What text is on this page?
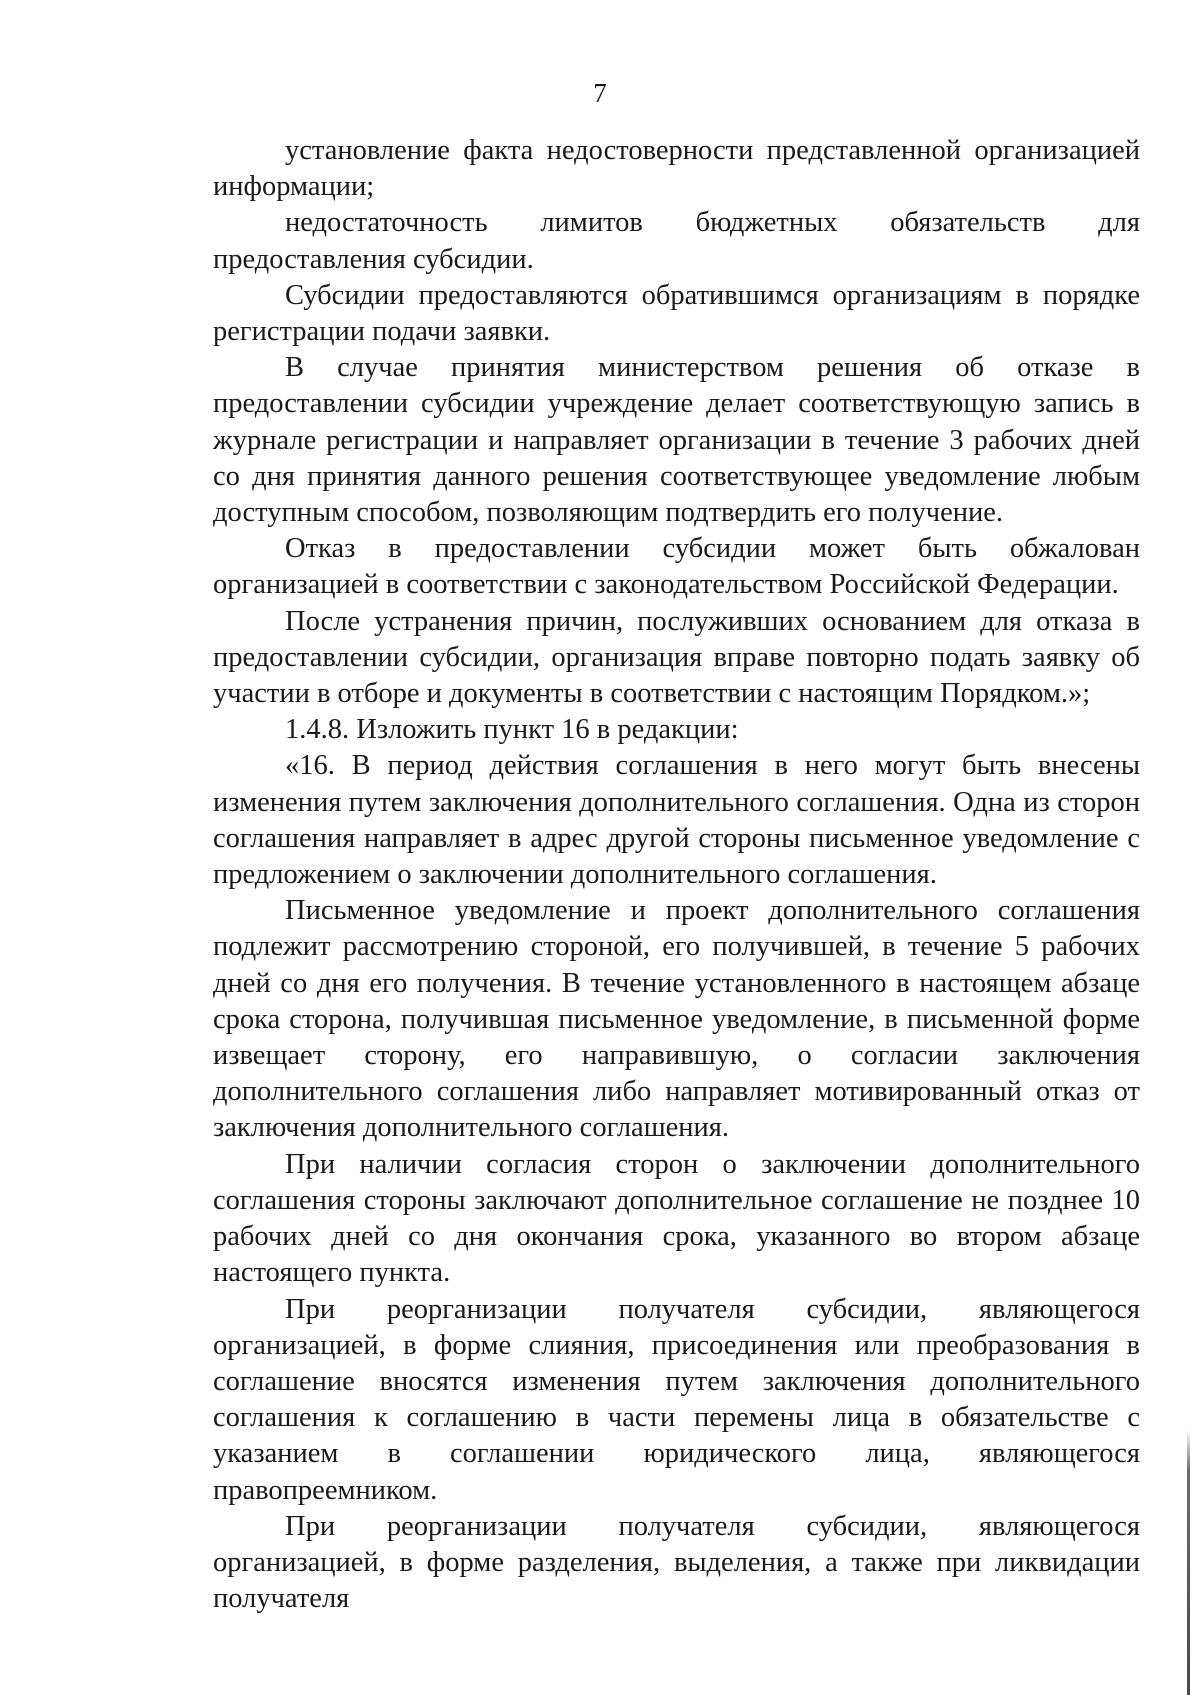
7

установление факта недостоверности представленной организацией информации;

недостаточность лимитов бюджетных обязательств для предоставления субсидии.

Субсидии предоставляются обратившимся организациям в порядке регистрации подачи заявки.

В случае принятия министерством решения об отказе в предоставлении субсидии учреждение делает соответствующую запись в журнале регистрации и направляет организации в течение 3 рабочих дней со дня принятия данного решения соответствующее уведомление любым доступным способом, позволяющим подтвердить его получение.

Отказ в предоставлении субсидии может быть обжалован организацией в соответствии с законодательством Российской Федерации.

После устранения причин, послуживших основанием для отказа в предоставлении субсидии, организация вправе повторно подать заявку об участии в отборе и документы в соответствии с настоящим Порядком.»;

1.4.8. Изложить пункт 16 в редакции:

«16. В период действия соглашения в него могут быть внесены изменения путем заключения дополнительного соглашения. Одна из сторон соглашения направляет в адрес другой стороны письменное уведомление с предложением о заключении дополнительного соглашения.

Письменное уведомление и проект дополнительного соглашения подлежит рассмотрению стороной, его получившей, в течение 5 рабочих дней со дня его получения. В течение установленного в настоящем абзаце срока сторона, получившая письменное уведомление, в письменной форме извещает сторону, его направившую, о согласии заключения дополнительного соглашения либо направляет мотивированный отказ от заключения дополнительного соглашения.

При наличии согласия сторон о заключении дополнительного соглашения стороны заключают дополнительное соглашение не позднее 10 рабочих дней со дня окончания срока, указанного во втором абзаце настоящего пункта.

При реорганизации получателя субсидии, являющегося организацией, в форме слияния, присоединения или преобразования в соглашение вносятся изменения путем заключения дополнительного соглашения к соглашению в части перемены лица в обязательстве с указанием в соглашении юридического лица, являющегося правопреемником.

При реорганизации получателя субсидии, являющегося организацией, в форме разделения, выделения, а также при ликвидации получателя
